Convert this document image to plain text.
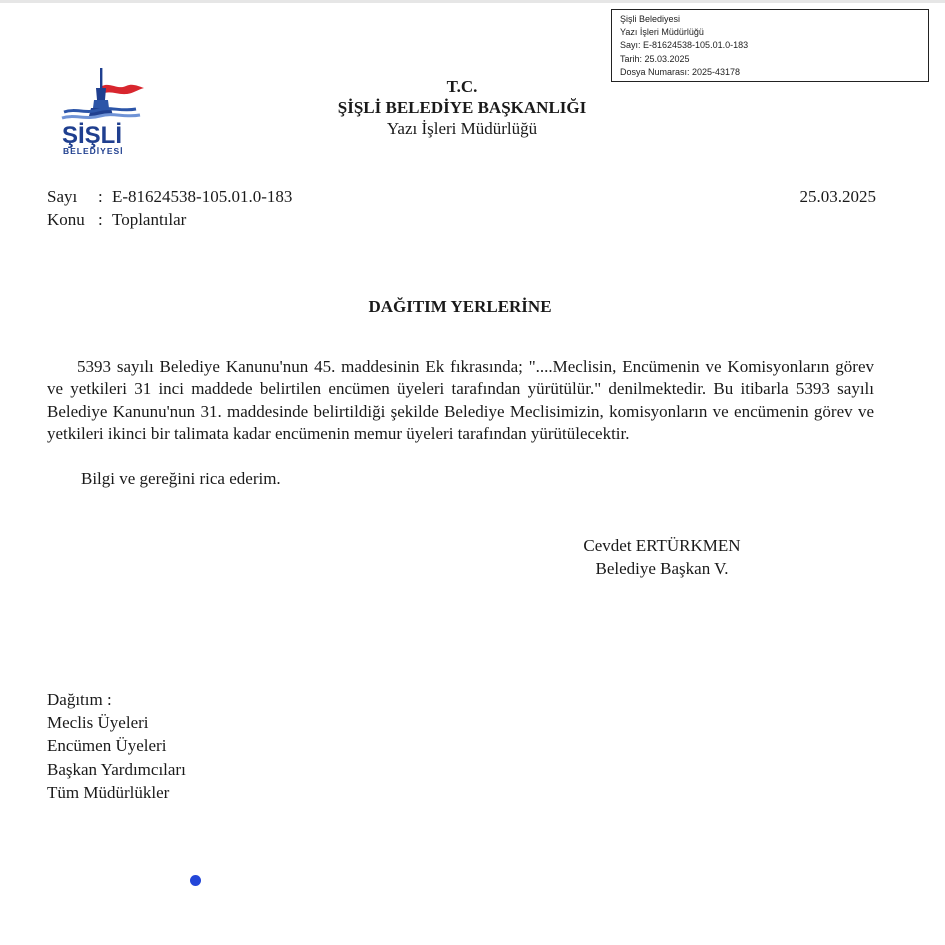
Şişli Belediyesi
Yazı İşleri Müdürlüğü
Sayı: E-81624538-105.01.0-183
Tarih: 25.03.2025
Dosya Numarası: 2025-43178
ŞİŞLİ
BELEDİYESİ
T.C.
ŞİŞLİ BELEDİYE BAŞKANLIĞI
Yazı İşleri Müdürlüğü
Sayı : E-81624538-105.01.0-183
Konu : Toplantılar
25.03.2025
DAĞITIM YERLERİNE

5393 sayılı Belediye Kanunu'nun 45. maddesinin Ek fıkrasında; "....Meclisin, Encümenin ve Komisyonların görev ve yetkileri 31 inci maddede belirtilen encümen üyeleri tarafından yürütülür." denilmektedir. Bu itibarla 5393 sayılı Belediye Kanunu'nun 31. maddesinde belirtildiği şekilde Belediye Meclisimizin, komisyonların ve encümenin görev ve yetkileri ikinci bir talimata kadar encümenin memur üyeleri tarafından yürütülecektir.

Bilgi ve gereğini rica ederim.
Cevdet ERTÜRKMEN
Belediye Başkan V.
Dağıtım :
Meclis Üyeleri
Encümen Üyeleri
Başkan Yardımcıları
Tüm Müdürlükler
